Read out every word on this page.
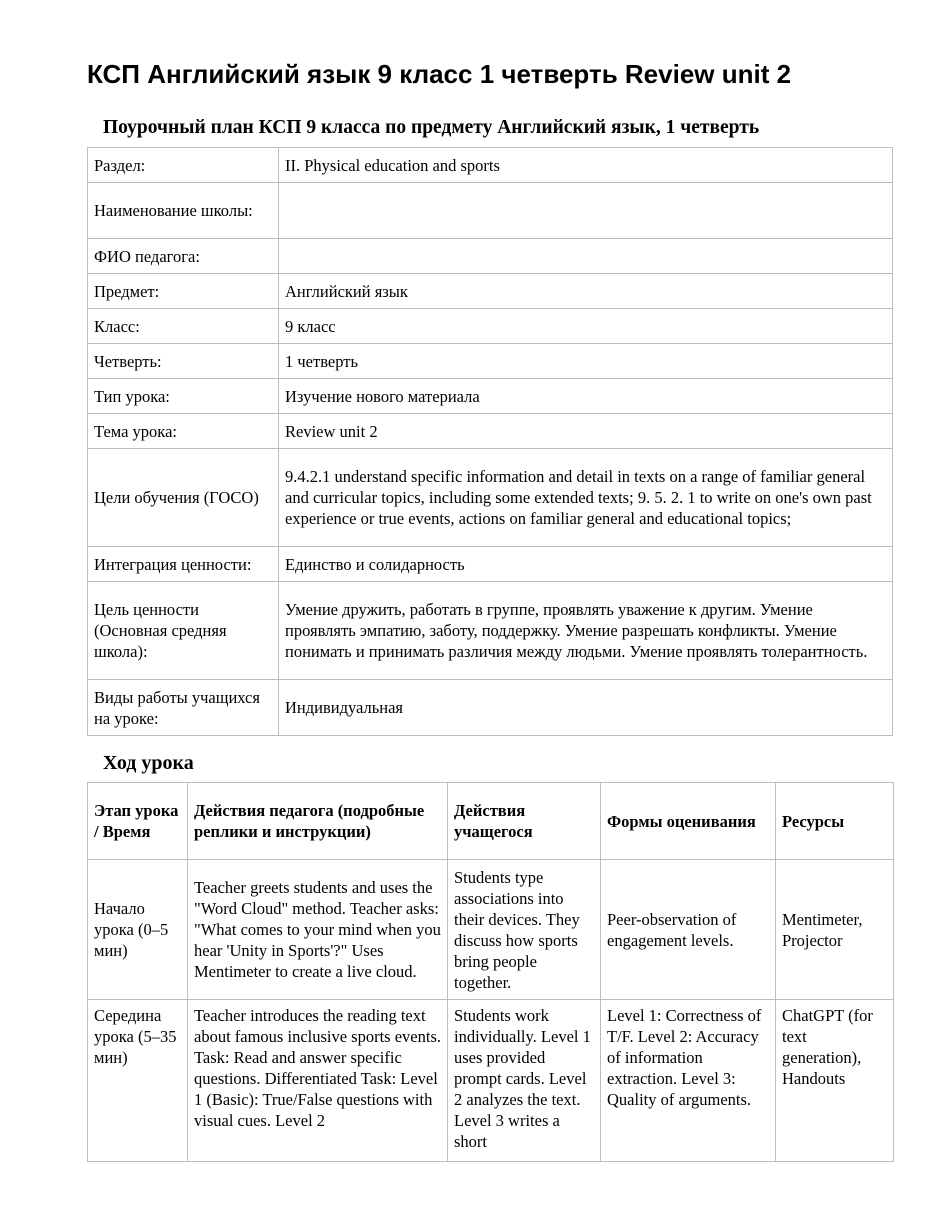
КСП Английский язык 9 класс 1 четверть Review unit 2
Поурочный план КСП 9 класса по предмету Английский язык, 1 четверть
Раздел:	II. Physical education and sports
Наименование школы:	
ФИО педагога:	
Предмет:	Английский язык
Класс:	9 класс
Четверть:	1 четверть
Тип урока:	Изучение нового материала
Тема урока:	Review unit 2
Цели обучения (ГОСО)	9.4.2.1 understand specific information and detail in texts on a range of familiar general and curricular topics, including some extended texts; 9. 5. 2. 1 to write on one's own past experience or true events, actions on familiar general and educational topics;
Интеграция ценности:	Единство и солидарность
Цель ценности (Основная средняя школа):	Умение дружить, работать в группе, проявлять уважение к другим. Умение проявлять эмпатию, заботу, поддержку. Умение разрешать конфликты. Умение понимать и принимать различия между людьми. Умение проявлять толерантность.
Виды работы учащихся на уроке:	Индивидуальная
Ход урока
Этап урока / Время	Действия педагога (подробные реплики и инструкции)	Действия учащегося	Формы оценивания	Ресурсы
Начало урока (0–5 мин)	Teacher greets students and uses the "Word Cloud" method. Teacher asks: "What comes to your mind when you hear 'Unity in Sports'?" Uses Mentimeter to create a live cloud.	Students type associations into their devices. They discuss how sports bring people together.	Peer-observation of engagement levels.	Mentimeter, Projector
Середина урока (5–35 мин)	Teacher introduces the reading text about famous inclusive sports events. Task: Read and answer specific questions. Differentiated Task: Level 1 (Basic): True/False questions with visual cues. Level 2	Students work individually. Level 1 uses provided prompt cards. Level 2 analyzes the text. Level 3 writes a short	Level 1: Correctness of T/F. Level 2: Accuracy of information extraction. Level 3: Quality of arguments.	ChatGPT (for text generation), Handouts
